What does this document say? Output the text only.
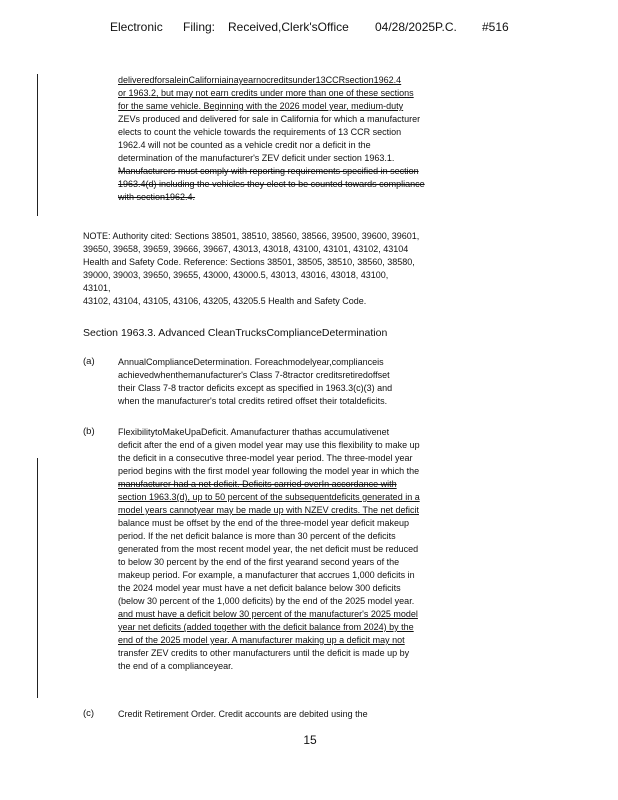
Electronic Filing: Received,Clerk'sOffice 04/28/2025P.C. #516
deliveredforsaleinCaliforniainayearnocreditsunder13CCRsection1962.4
or 1963.2, but may not earn credits under more than one of these sections
for the same vehicle. Beginning with the 2026 model year, medium-duty
ZEVs produced and delivered for sale in California for which a manufacturer
elects to count the vehicle towards the requirements of 13 CCR section
1962.4 will not be counted as a vehicle credit nor a deficit in the
determination of the manufacturer's ZEV deficit under section 1963.1.
Manufacturers must comply with reporting requirements specified in section
1963.4(d) including the vehicles they elect to be counted towards compliance
with section1962.4.
NOTE: Authority cited: Sections 38501, 38510, 38560, 38566, 39500, 39600, 39601,
39650, 39658, 39659, 39666, 39667, 43013, 43018, 43100, 43101, 43102, 43104
Health and Safety Code. Reference: Sections 38501, 38505, 38510, 38560, 38580,
39000, 39003, 39650, 39655, 43000, 43000.5, 43013, 43016, 43018, 43100,
43101,
43102, 43104, 43105, 43106, 43205, 43205.5 Health and Safety Code.
Section 1963.3. Advanced CleanTrucksComplianceDetermination
(a)	AnnualComplianceDetermination. Foreachmodelyear,complianceis
achievedwhenthemanufacturer's Class 7-8tractor creditsretiredoffset
their Class 7-8 tractor deficits except as specified in 1963.3(c)(3) and
when the manufacturer's total credits retired offset their totaldeficits.
(b)	FlexibilitytoMakeUpaDeficit. Amanufacturer thathas accumulativenet
deficit after the end of a given model year may use this flexibility to make up
the deficit in a consecutive three-model year period. The three-model year
period begins with the first model year following the model year in which the
manufacturer had a net deficit. Deficits carried overIn accordance with
section 1963.3(d), up to 50 percent of the subsequentdeficits generated in a
model years cannotyear may be made up with NZEV credits. The net deficit
balance must be offset by the end of the three-model year deficit makeup
period. If the net deficit balance is more than 30 percent of the deficits
generated from the most recent model year, the net deficit must be reduced
to below 30 percent by the end of the first yearand second years of the
makeup period. For example, a manufacturer that accrues 1,000 deficits in
the 2024 model year must have a net deficit balance below 300 deficits
(below 30 percent of the 1,000 deficits) by the end of the 2025 model year.
and must have a deficit below 30 percent of the manufacturer's 2025 model
year net deficits (added together with the deficit balance from 2024) by the
end of the 2025 model year. A manufacturer making up a deficit may not
transfer ZEV credits to other manufacturers until the deficit is made up by
the end of a complianceyear.
(c)	Credit Retirement Order. Credit accounts are debited using the
15
